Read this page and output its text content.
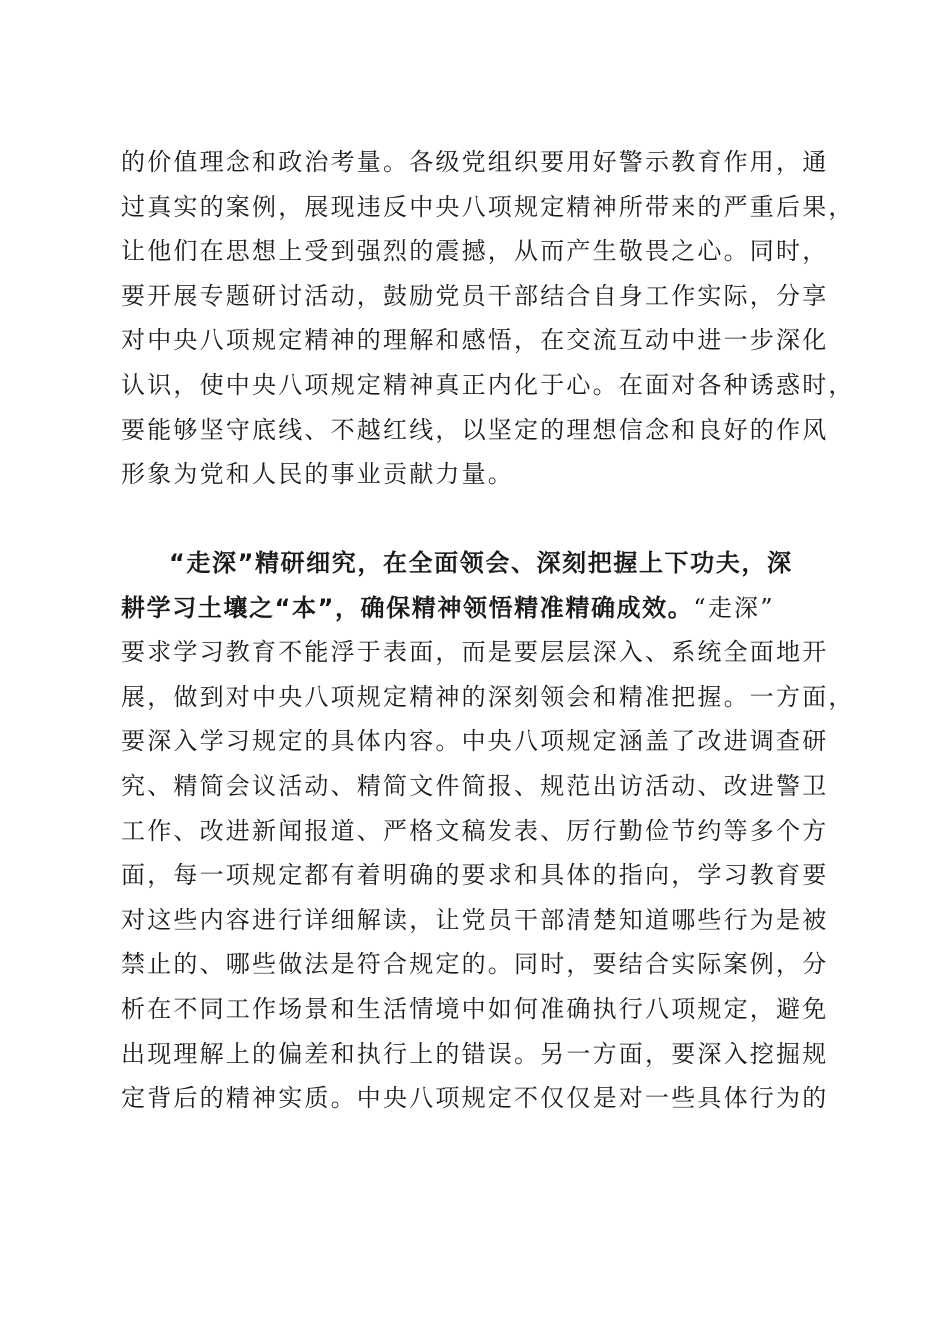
的价值理念和政治考量。各级党组织要用好警示教育作用，通
过真实的案例，展现违反中央八项规定精神所带来的严重后果，
让他们在思想上受到强烈的震撼，从而产生敬畏之心。同时，
要开展专题研讨活动，鼓励党员干部结合自身工作实际，分享
对中央八项规定精神的理解和感悟，在交流互动中进一步深化
认识，使中央八项规定精神真正内化于心。在面对各种诱惑时，
要能够坚守底线、不越红线，以坚定的理想信念和良好的作风
形象为党和人民的事业贡献力量。
“走深”精研细究，在全面领会、深刻把握上下功夫，深
耕学习土壤之“本”，确保精神领悟精准精确成效。“走深”
要求学习教育不能浮于表面，而是要层层深入、系统全面地开
展，做到对中央八项规定精神的深刻领会和精准把握。一方面，
要深入学习规定的具体内容。中央八项规定涵盖了改进调查研
究、精简会议活动、精简文件简报、规范出访活动、改进警卫
工作、改进新闻报道、严格文稿发表、厉行勤俭节约等多个方
面，每一项规定都有着明确的要求和具体的指向，学习教育要
对这些内容进行详细解读，让党员干部清楚知道哪些行为是被
禁止的、哪些做法是符合规定的。同时，要结合实际案例，分
析在不同工作场景和生活情境中如何准确执行八项规定，避免
出现理解上的偏差和执行上的错误。另一方面，要深入挖掘规
定背后的精神实质。中央八项规定不仅仅是对一些具体行为的
